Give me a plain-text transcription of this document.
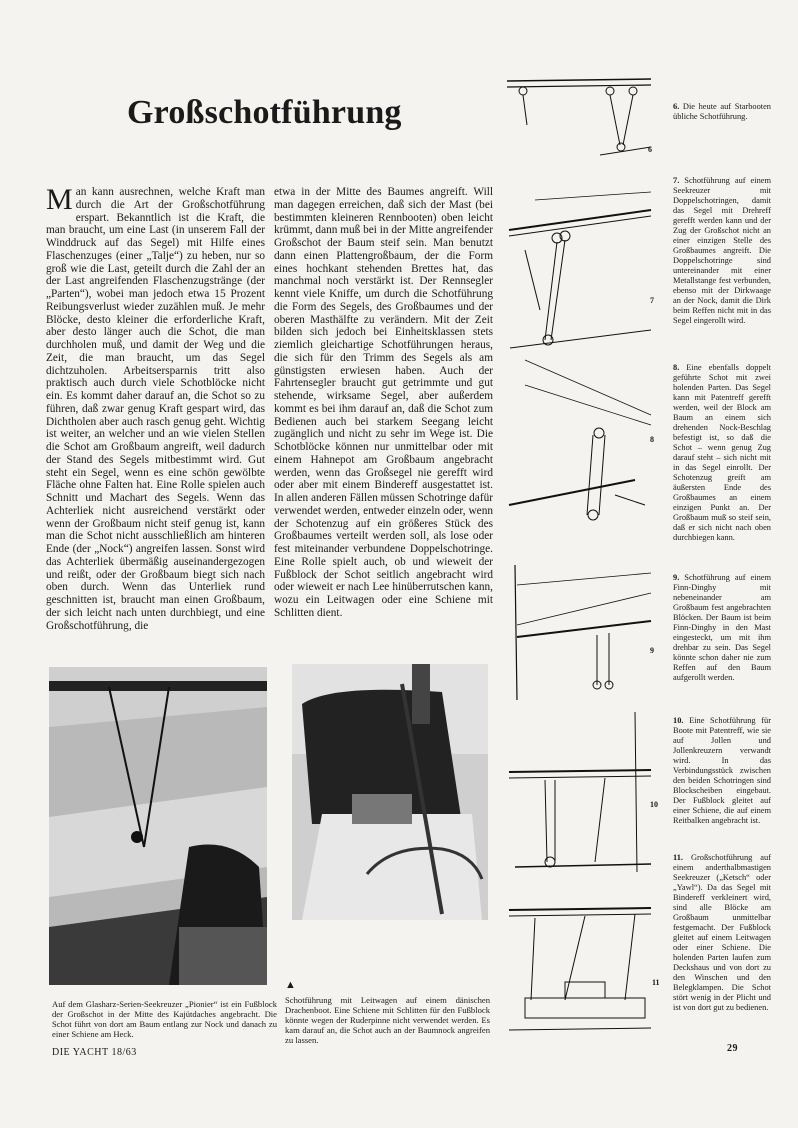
Großschotführung
Man kann ausrechnen, welche Kraft man durch die Art der Großschotführung erspart. Bekanntlich ist die Kraft, die man braucht, um eine Last (in unserem Fall der Winddruck auf das Segel) mit Hilfe eines Flaschenzuges (einer „Talje“) zu heben, nur so groß wie die Last, geteilt durch die Zahl der an der Last angreifenden Flaschenzugstränge (der „Parten“), wobei man jedoch etwa 15 Prozent Reibungsverlust wieder zuzählen muß. Je mehr Blöcke, desto kleiner die erforderliche Kraft, aber desto länger auch die Schot, die man durchholen muß, und damit der Weg und die Zeit, die man braucht, um das Segel dichtzuholen. Arbeitsersparnis tritt also praktisch auch durch viele Schotblöcke nicht ein. Es kommt daher darauf an, die Schot so zu führen, daß zwar genug Kraft gespart wird, das Dichtholen aber auch rasch genug geht. Wichtig ist weiter, an welcher und an wie vielen Stellen die Schot am Großbaum angreift, weil dadurch der Stand des Segels mitbestimmt wird. Gut steht ein Segel, wenn es eine schön gewölbte Fläche ohne Falten hat. Eine Rolle spielen auch Schnitt und Machart des Segels. Wenn das Achterliek nicht ausreichend verstärkt oder wenn der Großbaum nicht steif genug ist, kann man die Schot nicht ausschließlich am hinteren Ende (der „Nock“) angreifen lassen. Sonst wird das Achterliek übermäßig auseinandergezogen und reißt, oder der Großbaum biegt sich nach oben durch. Wenn das Unterliek rund geschnitten ist, braucht man einen Großbaum, der sich leicht nach unten durchbiegt, und eine Großschotführung, die
etwa in der Mitte des Baumes angreift. Will man dagegen erreichen, daß sich der Mast (bei bestimmten kleineren Rennbooten) oben leicht krümmt, dann muß bei in der Mitte angreifender Großschot der Baum steif sein. Man benutzt dann einen Plattengroßbaum, der die Form eines hochkant stehenden Brettes hat, das manchmal noch verstärkt ist. Der Rennsegler kennt viele Kniffe, um durch die Schotführung die Form des Segels, des Großbaumes und der oberen Masthälfte zu verändern. Mit der Zeit bilden sich jedoch bei Einheitsklassen stets ziemlich gleichartige Schotführungen heraus, die sich für den Trimm des Segels als am günstigsten erwiesen haben. Auch der Fahrtensegler braucht gut getrimmte und gut stehende, wirksame Segel, aber außerdem kommt es bei ihm darauf an, daß die Schot zum Bedienen auch bei starkem Seegang leicht zugänglich und nicht zu sehr im Wege ist. Die Schotblöcke können nur unmittelbar oder mit einem Hahnepot am Großbaum angebracht werden, wenn das Großsegel nie gerefft wird oder aber mit einem Bindereff ausgestattet ist. In allen anderen Fällen müssen Schotringe dafür verwendet werden, entweder einzeln oder, wenn der Schotenzug auf ein größeres Stück des Großbaumes verteilt werden soll, als lose oder fest miteinander verbundene Doppelschotringe. Eine Rolle spielt auch, ob und wieweit der Fußblock der Schot seitlich angebracht wird oder wieweit er nach Lee hinüberrutschen kann, wozu ein Leitwagen oder eine Schiene mit Schlitten dient.
Auf dem Glasharz-Serien-Seekreuzer „Pionier“ ist ein Fußblock der Großschot in der Mitte des Kajütdaches angebracht. Die Schot führt von dort am Baum entlang zur Nock und danach zu einer Schiene am Heck.
▲
Schotführung mit Leitwagen auf einem dänischen Drachenboot. Eine Schiene mit Schlitten für den Fußblock könnte wegen der Ruderpinne nicht verwendet werden. Es kam darauf an, die Schot auch an der Baumnock angreifen zu lassen.
DIE YACHT 18/63	29
6
7
8
9
10
11
6. Die heute auf Starbooten übliche Schotführung.
7. Schotführung auf einem Seekreuzer mit Doppelschotringen, damit das Segel mit Drehreff gerefft werden kann und der Zug der Großschot nicht an einer einzigen Stelle des Großbaumes angreift. Die Doppelschotringe sind untereinander mit einer Metallstange fest verbunden, ebenso mit der Dirkwaage an der Nock, damit die Dirk beim Reffen nicht mit in das Segel eingerollt wird.
8. Eine ebenfalls doppelt geführte Schot mit zwei holenden Parten. Das Segel kann mit Patentreff gerefft werden, weil der Block am Baum an einem sich drehenden Nock-Beschlag befestigt ist, so daß die Schot – wenn genug Zug darauf steht – sich nicht mit in das Segel einrollt. Der Schotenzug greift am äußersten Ende des Großbaumes an einem einzigen Punkt an. Der Großbaum muß so steif sein, daß er sich nicht nach oben durchbiegen kann.
9. Schotführung auf einem Finn-Dinghy mit nebeneinander am Großbaum fest angebrachten Blöcken. Der Baum ist beim Finn-Dinghy in den Mast eingesteckt, um mit ihm drehbar zu sein. Das Segel könnte schon daher nie zum Reffen auf den Baum aufgerollt werden.
10. Eine Schotführung für Boote mit Patentreff, wie sie auf Jollen und Jollenkreuzern verwandt wird. In das Verbindungsstück zwischen den beiden Schotringen sind Blockscheiben eingebaut. Der Fußblock gleitet auf einer Schiene, die auf einem Reitbalken angebracht ist.
11. Großschotführung auf einem anderthalbmastigen Seekreuzer („Ketsch“ oder „Yawl“). Da das Segel mit Bindereff verkleinert wird, sind alle Blöcke am Großbaum unmittelbar festgemacht. Der Fußblock gleitet auf einem Leitwagen oder einer Schiene. Die holenden Parten laufen zum Deckshaus und von dort zu den Winschen und den Belegklampen. Die Schot stört wenig in der Plicht und ist von dort gut zu bedienen.
